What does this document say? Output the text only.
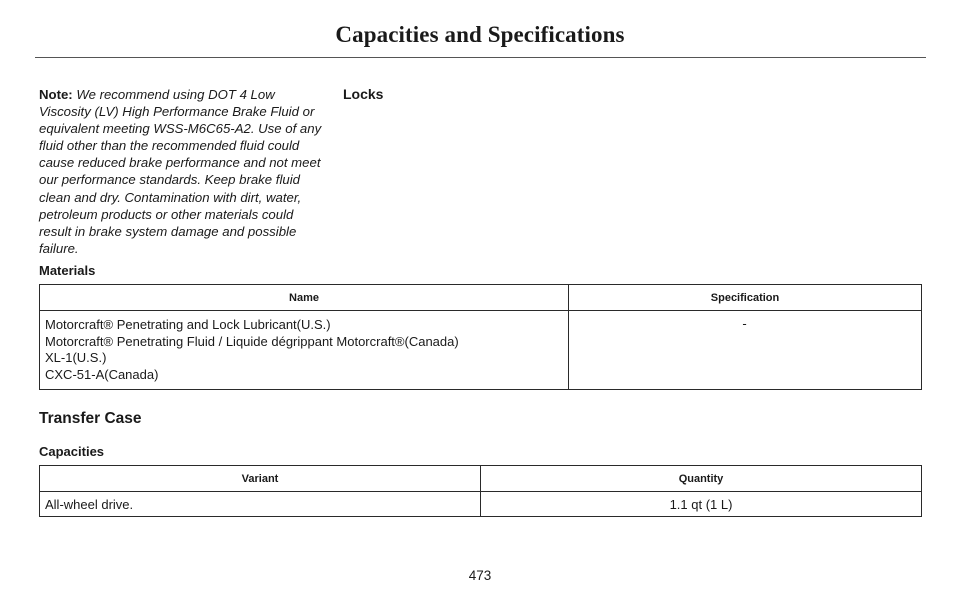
Capacities and Specifications
Note: We recommend using DOT 4 Low Viscosity (LV) High Performance Brake Fluid or equivalent meeting WSS-M6C65-A2. Use of any fluid other than the recommended fluid could cause reduced brake performance and not meet our performance standards. Keep brake fluid clean and dry. Contamination with dirt, water, petroleum products or other materials could result in brake system damage and possible failure.
Locks
Materials
Name	Specification

Motorcraft® Penetrating and Lock Lubricant(U.S.)
Motorcraft® Penetrating Fluid / Liquide dégrippant Motorcraft®(Canada)
XL-1(U.S.)
CXC-51-A(Canada)	-
Transfer Case
Capacities
Variant	Quantity
All-wheel drive.	1.1 qt (1 L)
473
